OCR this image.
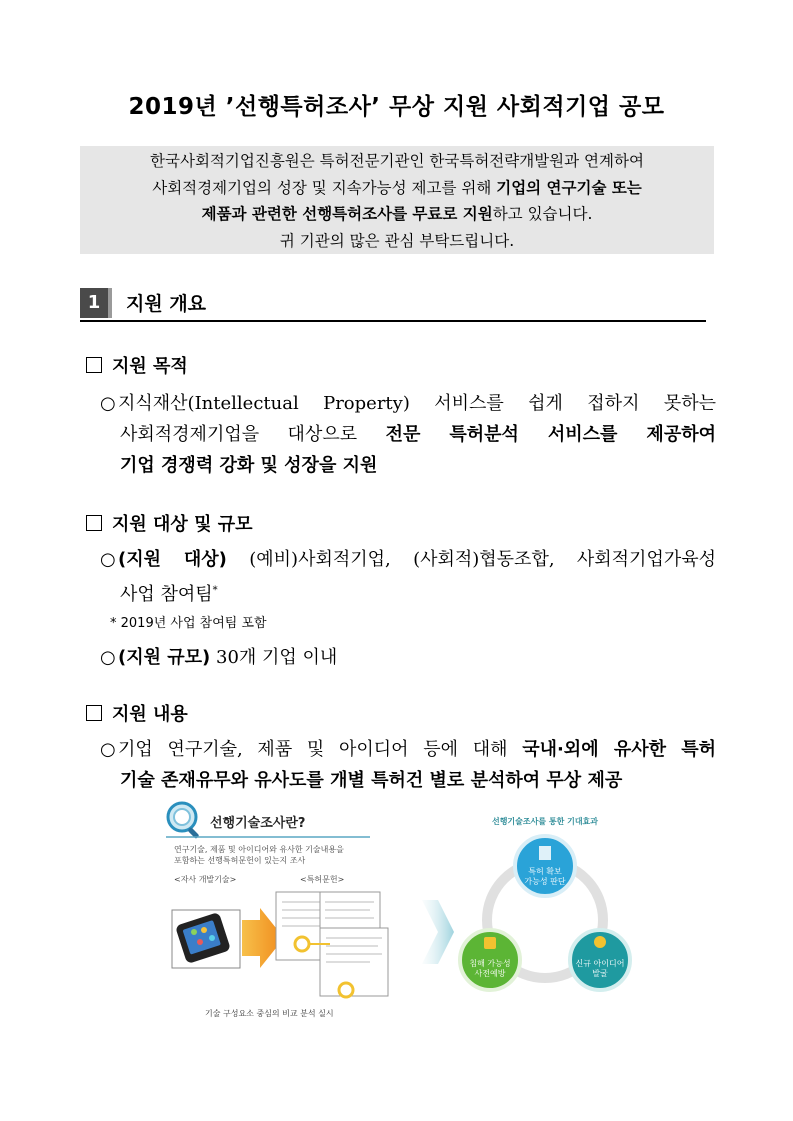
2019년 ’선행특허조사’ 무상 지원 사회적기업 공모
한국사회적기업진흥원은 특허전문기관인 한국특허전략개발원과 연계하여
사회적경제기업의 성장 및 지속가능성 제고를 위해 기업의 연구기술 또는
제품과 관련한 선행특허조사를 무료로 지원하고 있습니다.
귀 기관의 많은 관심 부탁드립니다.
1	지원 개요
지원 목적
○ 지식재산(Intellectual Property) 서비스를 쉽게 접하지 못하는
사회적경제기업을 대상으로 전문 특허분석 서비스를 제공하여
기업 경쟁력 강화 및 성장을 지원
지원 대상 및 규모
○ (지원 대상) (예비)사회적기업, (사회적)협동조합, 사회적기업가육성
사업 참여팀*
* 2019년 사업 참여팀 포함
○ (지원 규모) 30개 기업 이내
지원 내용
○ 기업 연구기술, 제품 및 아이디어 등에 대해 국내·외에 유사한 특허
기술 존재유무와 유사도를 개별 특허건 별로 분석하여 무상 제공
선행기술조사란?
연구기술, 제품 및 아이디어와 유사한 기술내용을
포함하는 선행특허문헌이 있는지 조사
<자사 개발기술>	<특허문헌>
기술 구성요소 중심의 비교 분석 실시
선행기술조사를 통한 기대효과
특허 확보
가능성 판단
침해 가능성
사전예방
신규 아이디어
발굴
